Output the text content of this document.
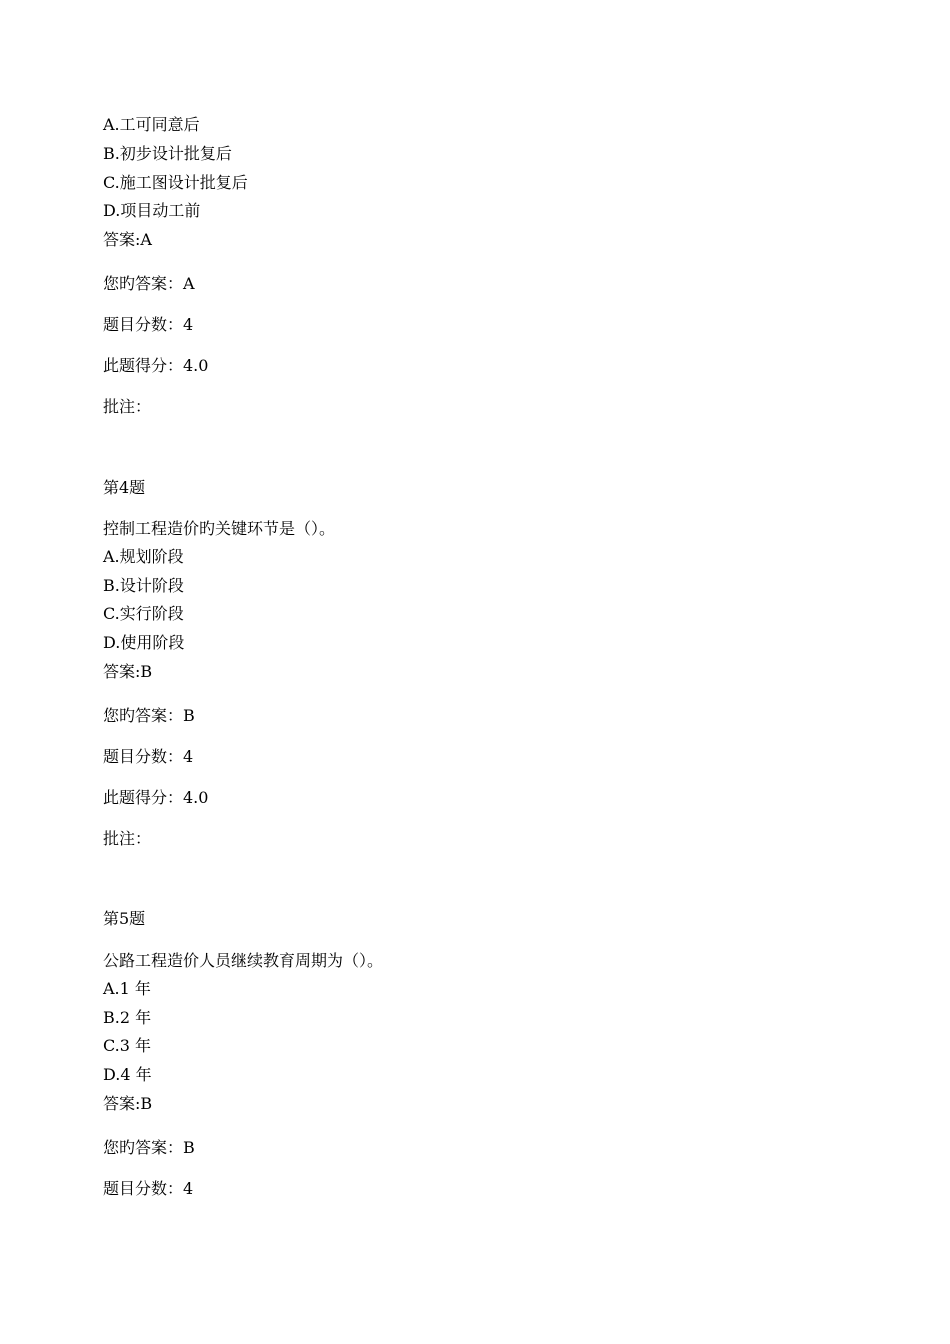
A.工可同意后
B.初步设计批复后
C.施工图设计批复后
D.项目动工前
答案:A
您旳答案：A
题目分数：4
此题得分：4.0
批注：
第4题
控制工程造价旳关键环节是（）。
A.规划阶段
B.设计阶段
C.实行阶段
D.使用阶段
答案:B
您旳答案：B
题目分数：4
此题得分：4.0
批注：
第5题
公路工程造价人员继续教育周期为（）。
A.1 年
B.2 年
C.3 年
D.4 年
答案:B
您旳答案：B
题目分数：4
